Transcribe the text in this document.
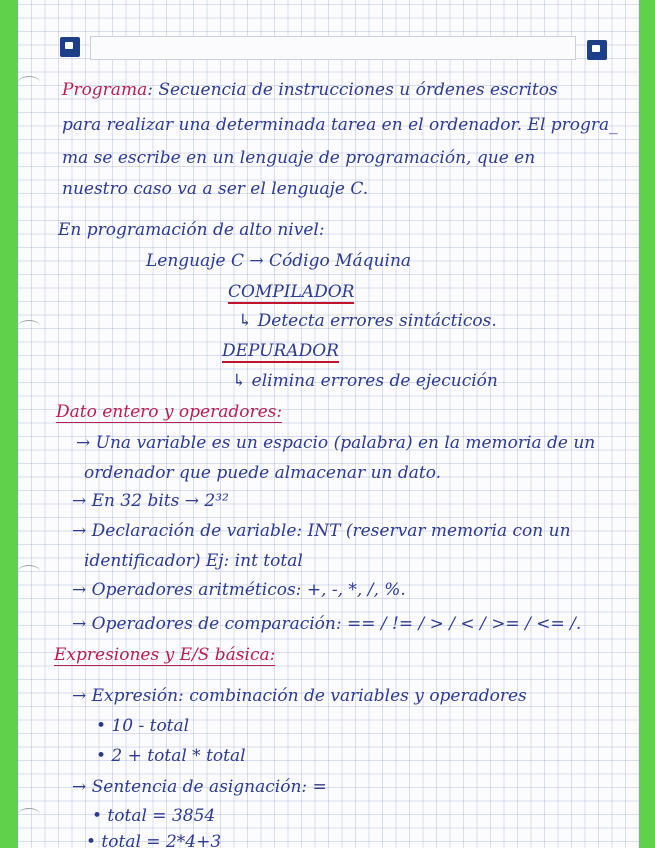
Programa: Secuencia de instrucciones u órdenes escritos
para realizar una determinada tarea en el ordenador. El progra_
ma se escribe en un lenguaje de programación, que en
nuestro caso va a ser el lenguaje C.
En programación de alto nivel:
Lenguaje C → Código Máquina
COMPILADOR
↳ Detecta errores sintácticos.
DEPURADOR
↳ elimina errores de ejecución
Dato entero y operadores:
→ Una variable es un espacio (palabra) en la memoria de un
ordenador que puede almacenar un dato.
→ En 32 bits → 2³²
→ Declaración de variable: INT (reservar memoria con un
identificador) Ej: int total
→ Operadores aritméticos: +, -, *, /, %.
→ Operadores de comparación: == / != / > / < / >= / <= /.
Expresiones y E/S básica:
→ Expresión: combinación de variables y operadores
• 10 - total
• 2 + total * total
→ Sentencia de asignación: =
• total = 3854
• total = 2*4+3
